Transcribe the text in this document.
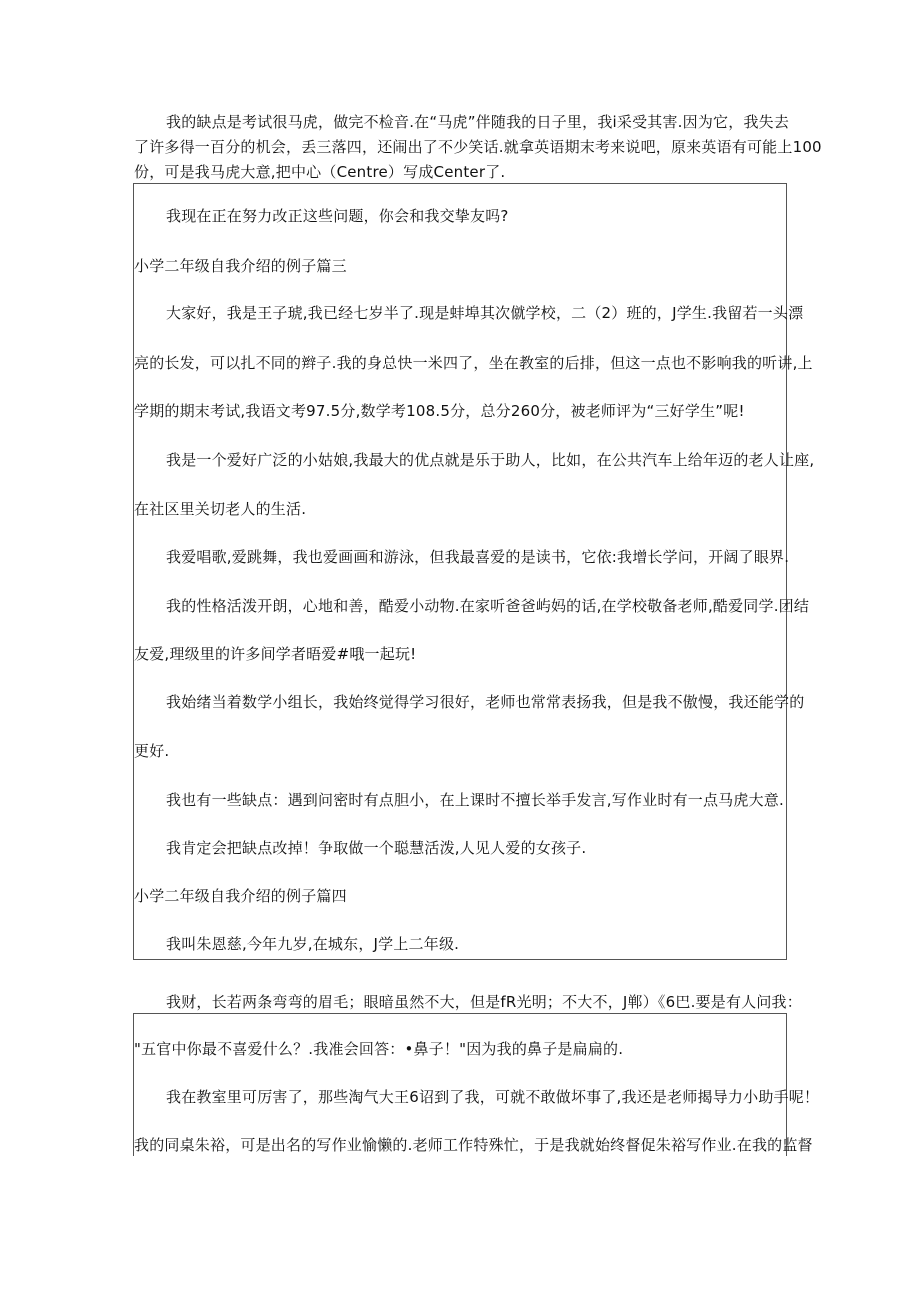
我的缺点是考试很马虎，做完不检音.在“马虎”伴随我的日子里，我i采受其害.因为它，我失去
了许多得一百分的机会，丢三落四，还闹出了不少笑话.就拿英语期末考来说吧，原来英语有可能上100
份，可是我马虎大意,把中心（Centre）写成Center了.
我现在正在努力改正这些问题，你会和我交挚友吗?
小学二年级自我介绍的例子篇三
大家好，我是王子琥,我已经七岁半了.现是蚌埠其次僦学校，二（2）班的，J学生.我留若一头漂
亮的长发，可以扎不同的辫子.我的身总快一米四了，坐在教室的后排，但这一点也不影响我的听讲,上
学期的期末考试,我语文考97.5分,数学考108.5分，总分260分，被老师评为“三好学生”呢!
我是一个爱好广泛的小姑娘,我最大的优点就是乐于助人，比如，在公共汽车上给年迈的老人让座,
在社区里关切老人的生活.
我爱唱歌,爱跳舞，我也爱画画和游泳，但我最喜爱的是读书，它依:我增长学问，开阔了眼界.
我的性格活泼开朗，心地和善，酷爱小动物.在家听爸爸屿妈的话,在学校敬备老师,酷爱同学.团结
友爱,理级里的许多间学者晤爱#哦一起玩!
我始绪当着数学小组长，我始终觉得学习很好，老师也常常表扬我，但是我不傲慢，我还能学的
更好.
我也有一些缺点：遇到问密时有点胆小，在上课时不擅长举手发言,写作业时有一点马虎大意.
我肯定会把缺点改掉！争取做一个聪慧活泼,人见人爱的女孩子.
小学二年级自我介绍的例子篇四
我叫朱恩慈,今年九岁,在城东，J学上二年级.
我财，长若两条弯弯的眉毛；眼暗虽然不大，但是fR光明；不大不，J郸）《6巴.要是有人问我：
"五官中你最不喜爱什么？.我准会回答：•鼻子！"因为我的鼻子是扁扁的.
我在教室里可厉害了，那些淘气大王6诏到了我，可就不敢做坏事了,我还是老师揭导力小助手呢！
我的同桌朱裕，可是出名的写作业愉懒的.老师工作特殊忙，于是我就始终督促朱裕写作业.在我的监督
